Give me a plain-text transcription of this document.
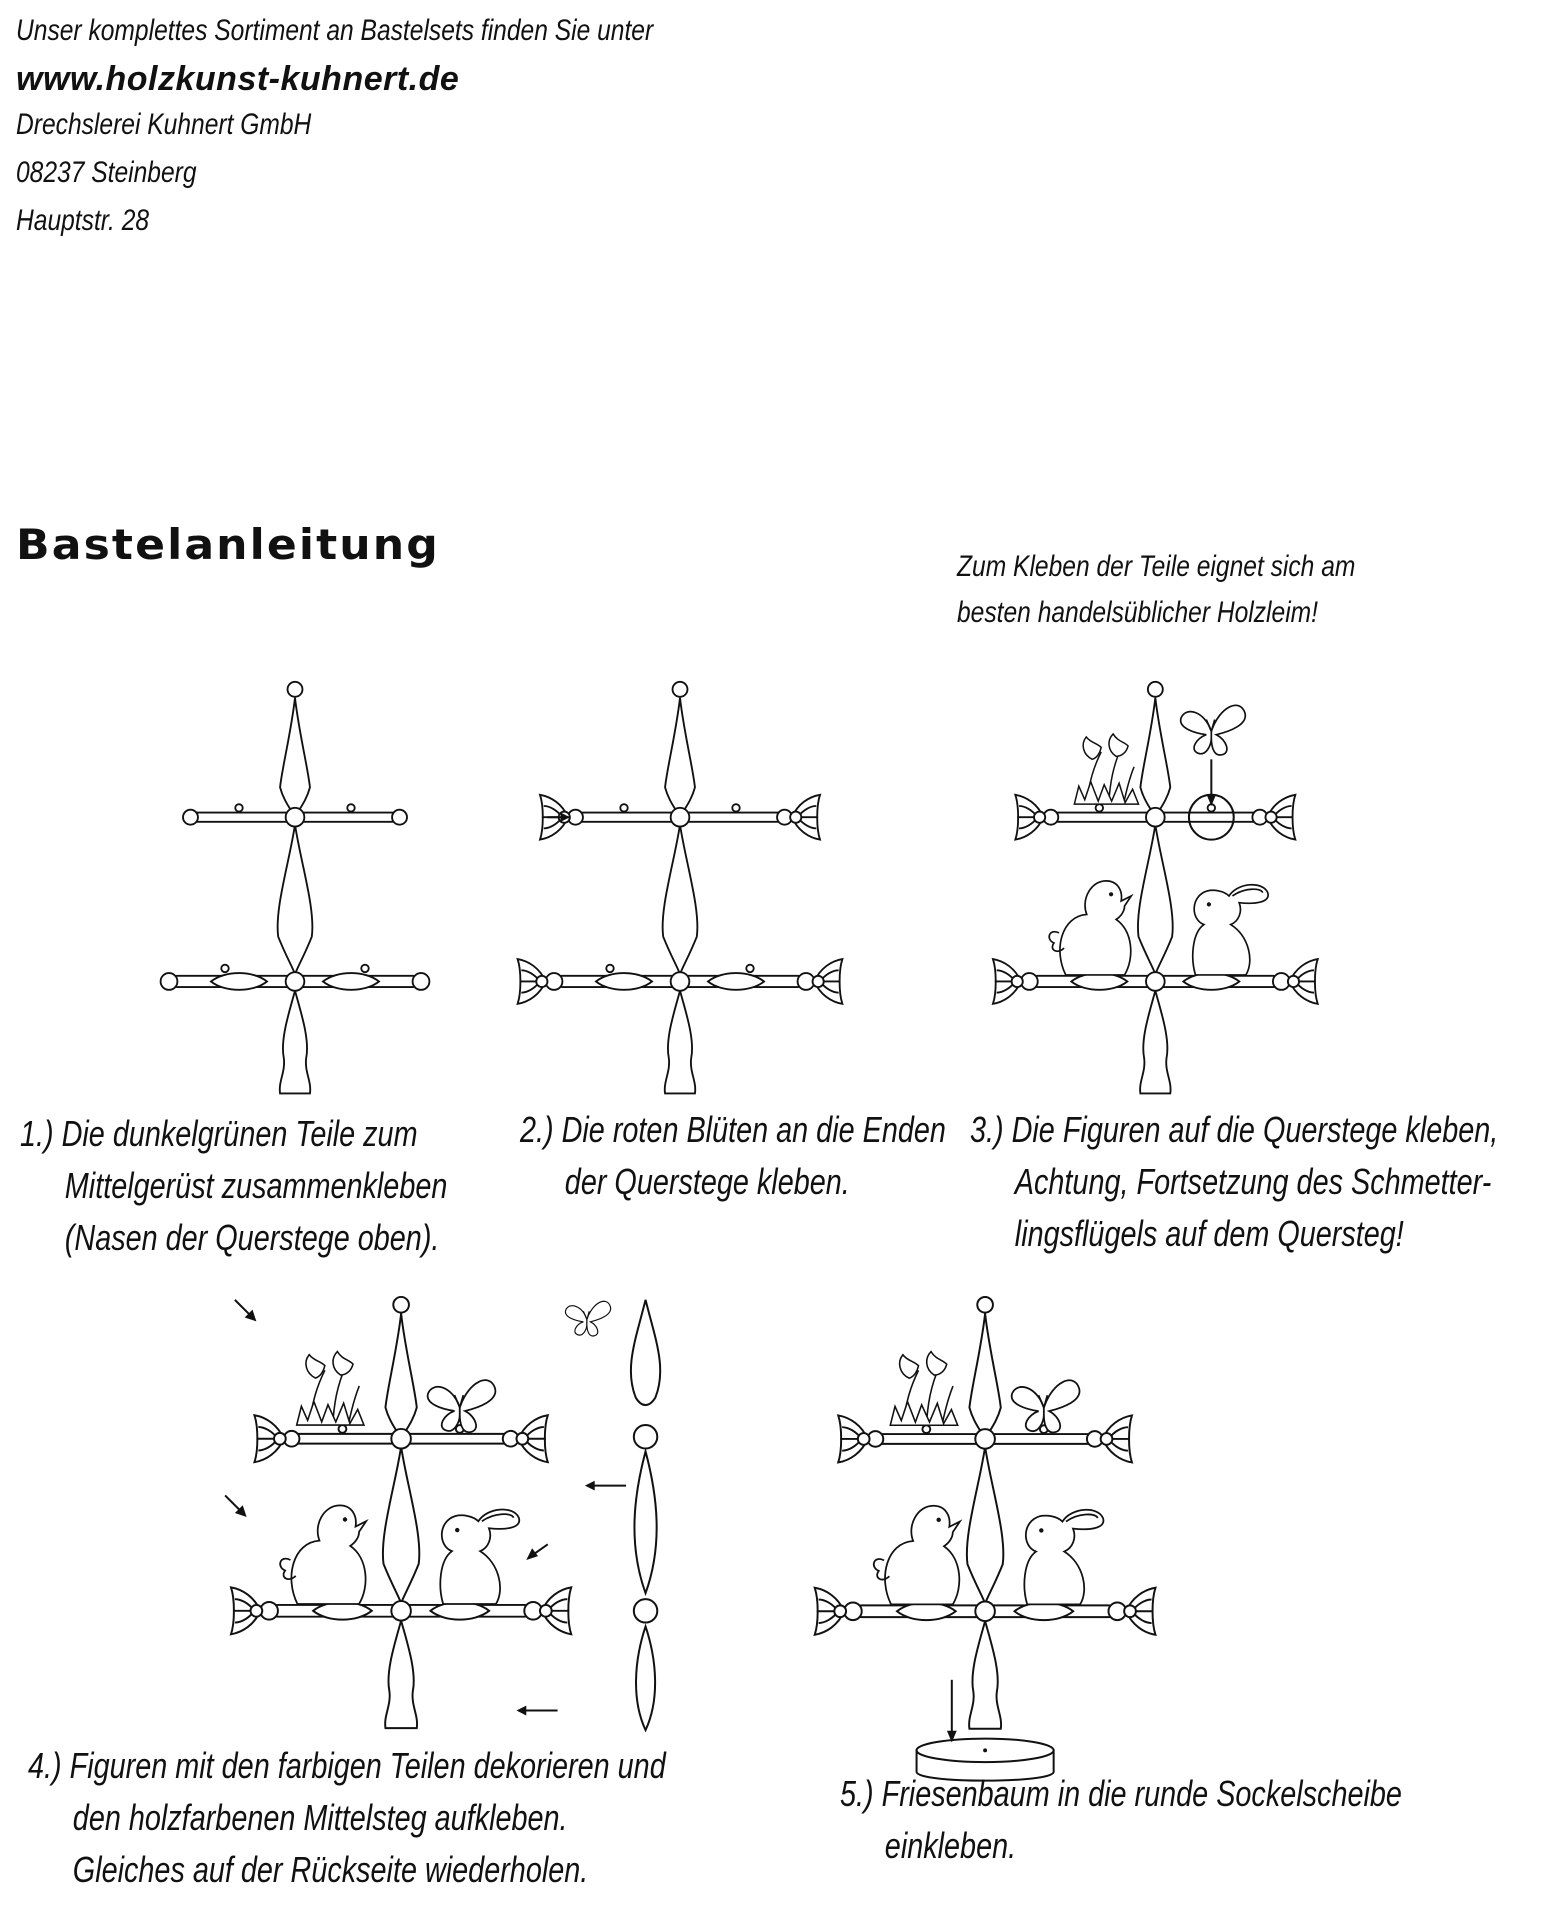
Unser komplettes Sortiment an Bastelsets finden Sie unter
www.holzkunst-kuhnert.de
Drechslerei Kuhnert GmbH
08237 Steinberg
Hauptstr. 28
Bastelanleitung	Zum Kleben der Teile eignet sich am
besten handelsüblicher Holzleim!
1.) Die dunkelgrünen Teile zum
Mittelgerüst zusammenkleben
(Nasen der Querstege oben).
2.) Die roten Blüten an die Enden
der Querstege kleben.
3.) Die Figuren auf die Querstege kleben,
Achtung, Fortsetzung des Schmetter-
lingsflügels auf dem Quersteg!
4.) Figuren mit den farbigen Teilen dekorieren und
den holzfarbenen Mittelsteg aufkleben.
Gleiches auf der Rückseite wiederholen.
5.) Friesenbaum in die runde Sockelscheibe
einkleben.
